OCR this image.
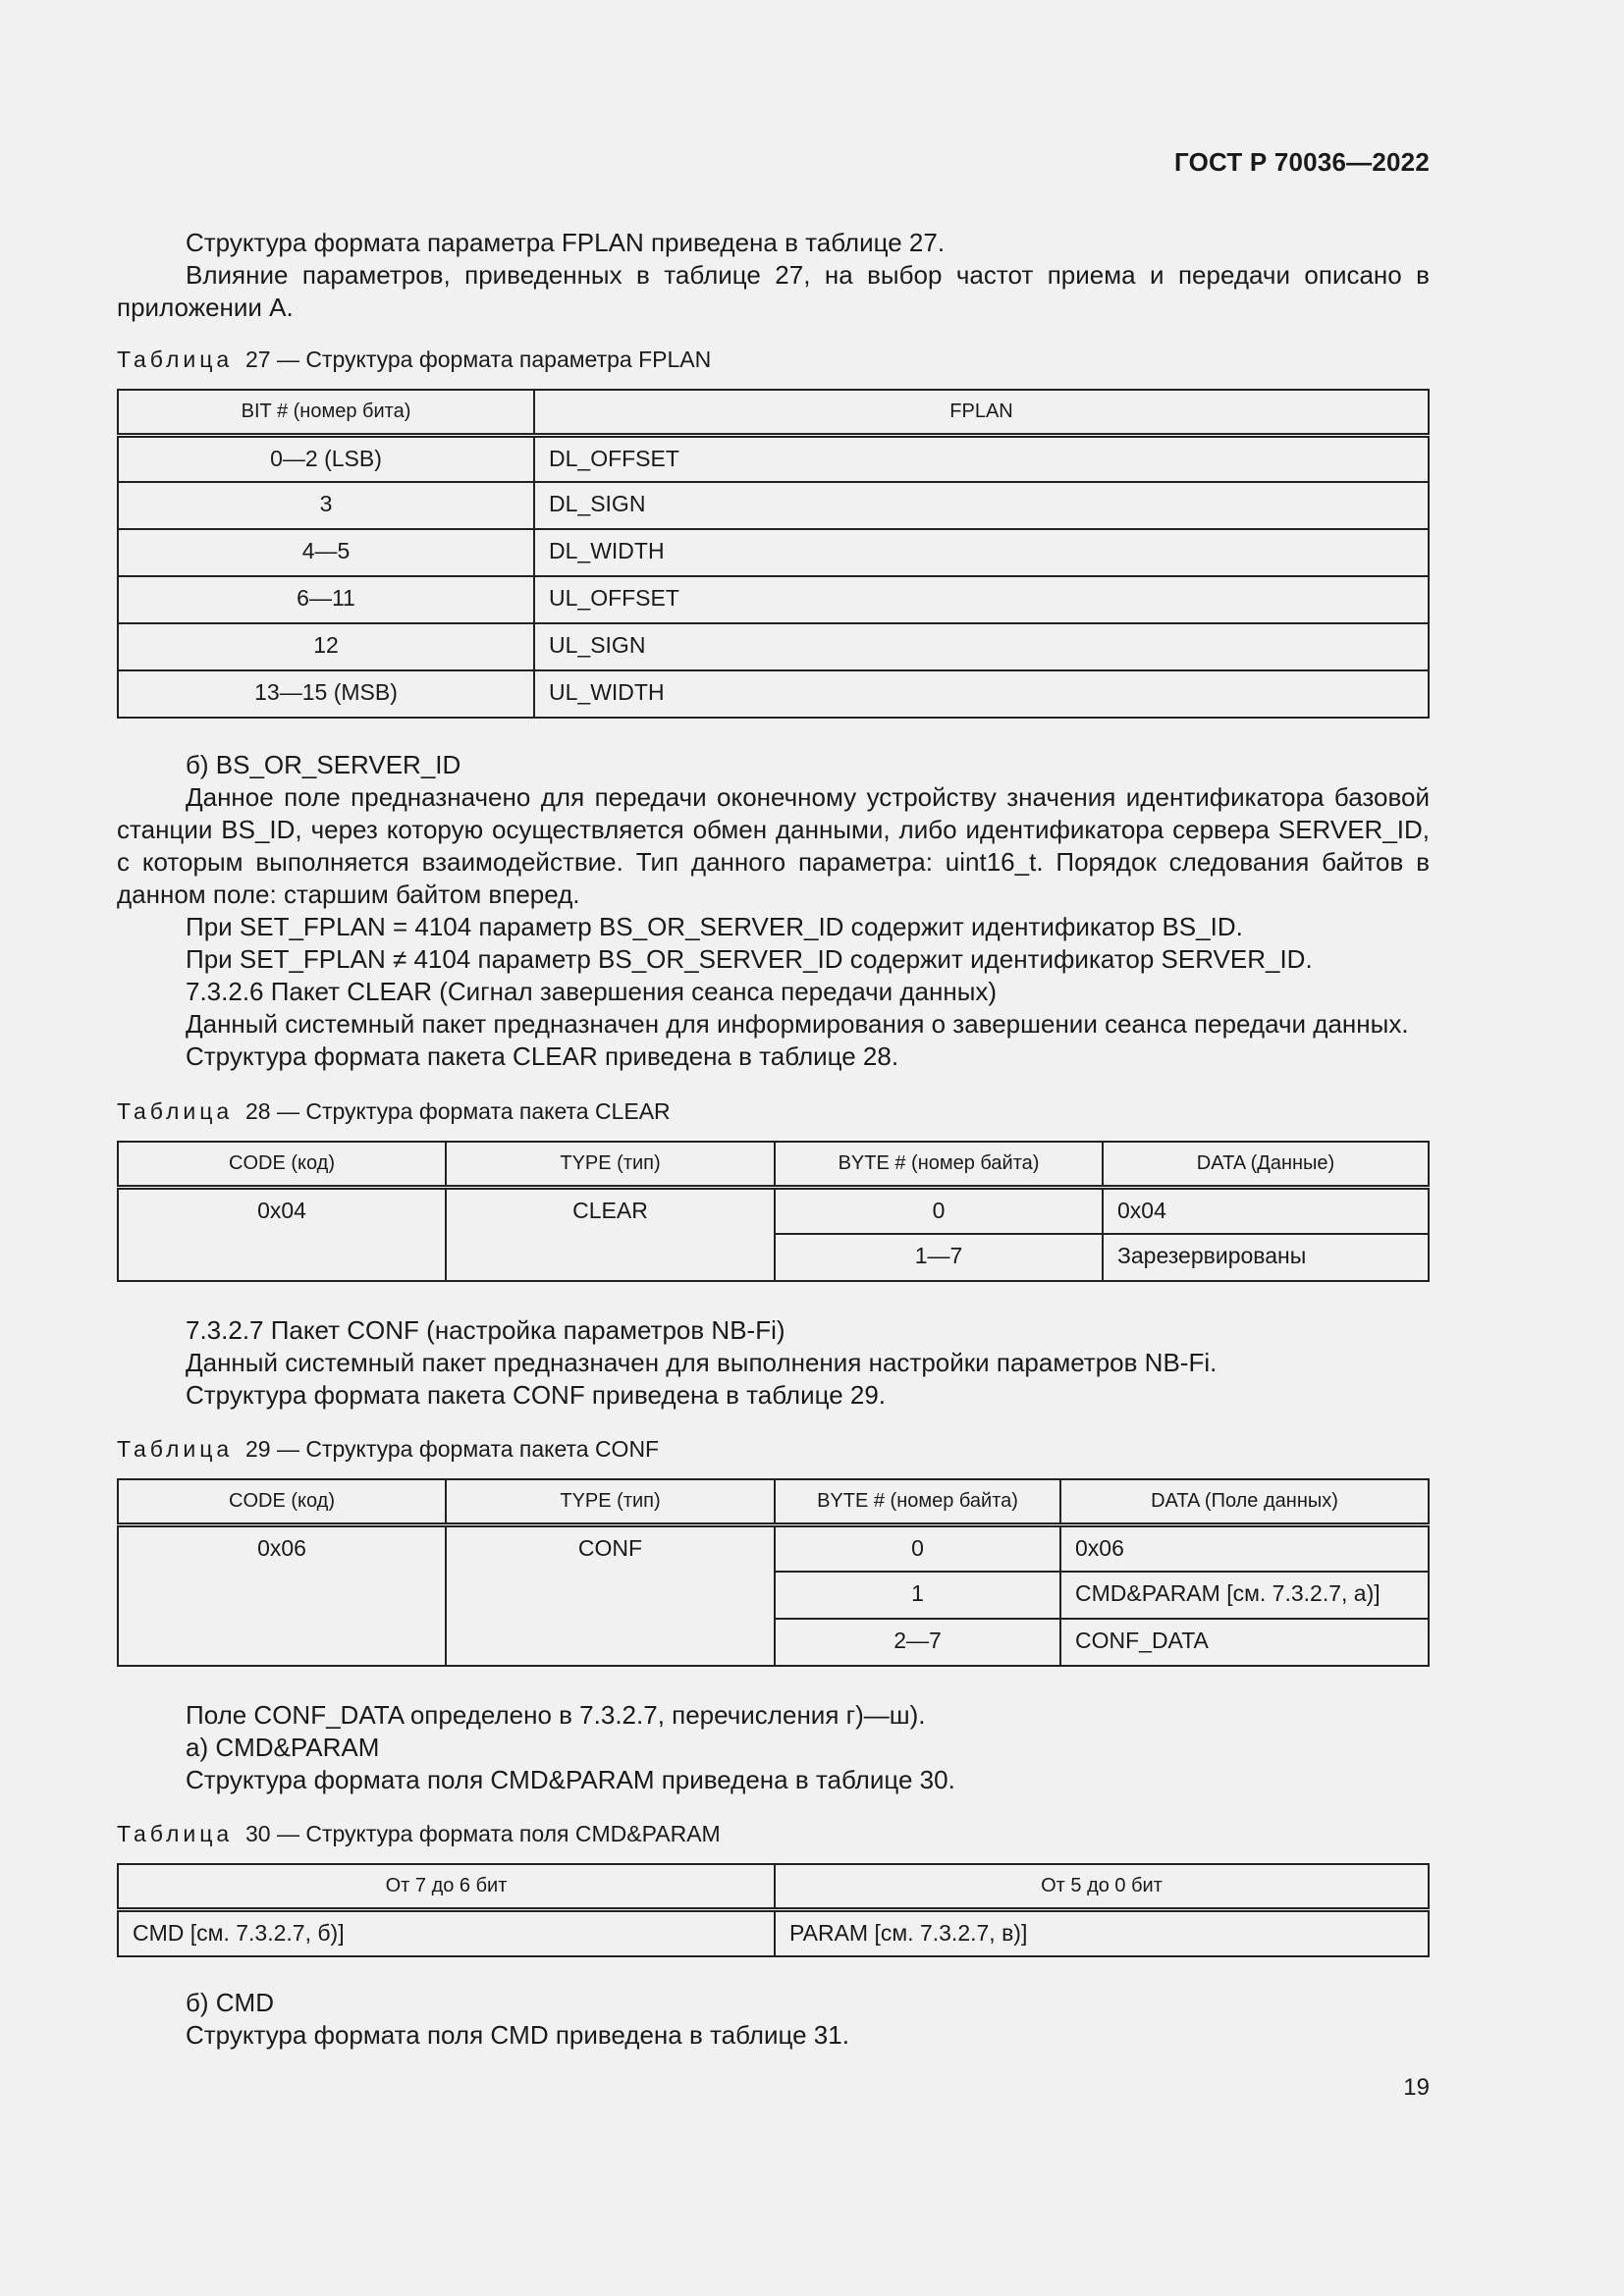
ГОСТ Р 70036—2022

Структура формата параметра FPLAN приведена в таблице 27.

Влияние параметров, приведенных в таблице 27, на выбор частот приема и передачи описано в приложении А.

Таблица 27 — Структура формата параметра FPLAN
BIT # (номер бита)	FPLAN
0—2 (LSB)	DL_OFFSET
3	DL_SIGN
4—5	DL_WIDTH
6—11	UL_OFFSET
12	UL_SIGN
13—15 (MSB)	UL_WIDTH

б) BS_OR_SERVER_ID

Данное поле предназначено для передачи оконечному устройству значения идентификатора базовой станции BS_ID, через которую осуществляется обмен данными, либо идентификатора сервера SERVER_ID, с которым выполняется взаимодействие. Тип данного параметра: uint16_t. Порядок следования байтов в данном поле: старшим байтом вперед.

При SET_FPLAN = 4104 параметр BS_OR_SERVER_ID содержит идентификатор BS_ID.

При SET_FPLAN ≠ 4104 параметр BS_OR_SERVER_ID содержит идентификатор SERVER_ID.

7.3.2.6 Пакет CLEAR (Сигнал завершения сеанса передачи данных)

Данный системный пакет предназначен для информирования о завершении сеанса передачи данных.

Структура формата пакета CLEAR приведена в таблице 28.

Таблица 28 — Структура формата пакета CLEAR
CODE (код)	TYPE (тип)	BYTE # (номер байта)	DATA (Данные)
0x04	CLEAR	0	0x04
		1—7	Зарезервированы

7.3.2.7 Пакет CONF (настройка параметров NB-Fi)

Данный системный пакет предназначен для выполнения настройки параметров NB-Fi.

Структура формата пакета CONF приведена в таблице 29.

Таблица 29 — Структура формата пакета CONF
CODE (код)	TYPE (тип)	BYTE # (номер байта)	DATA (Поле данных)
0x06	CONF	0	0x06
		1	CMD&PARAM [см. 7.3.2.7, а)]
		2—7	CONF_DATA

Поле CONF_DATA определено в 7.3.2.7, перечисления г)—ш).

а) CMD&PARAM

Структура формата поля CMD&PARAM приведена в таблице 30.

Таблица 30 — Структура формата поля CMD&PARAM
От 7 до 6 бит	От 5 до 0 бит
CMD [см. 7.3.2.7, б)]	PARAM [см. 7.3.2.7, в)]

б) CMD

Структура формата поля CMD приведена в таблице 31.

19
